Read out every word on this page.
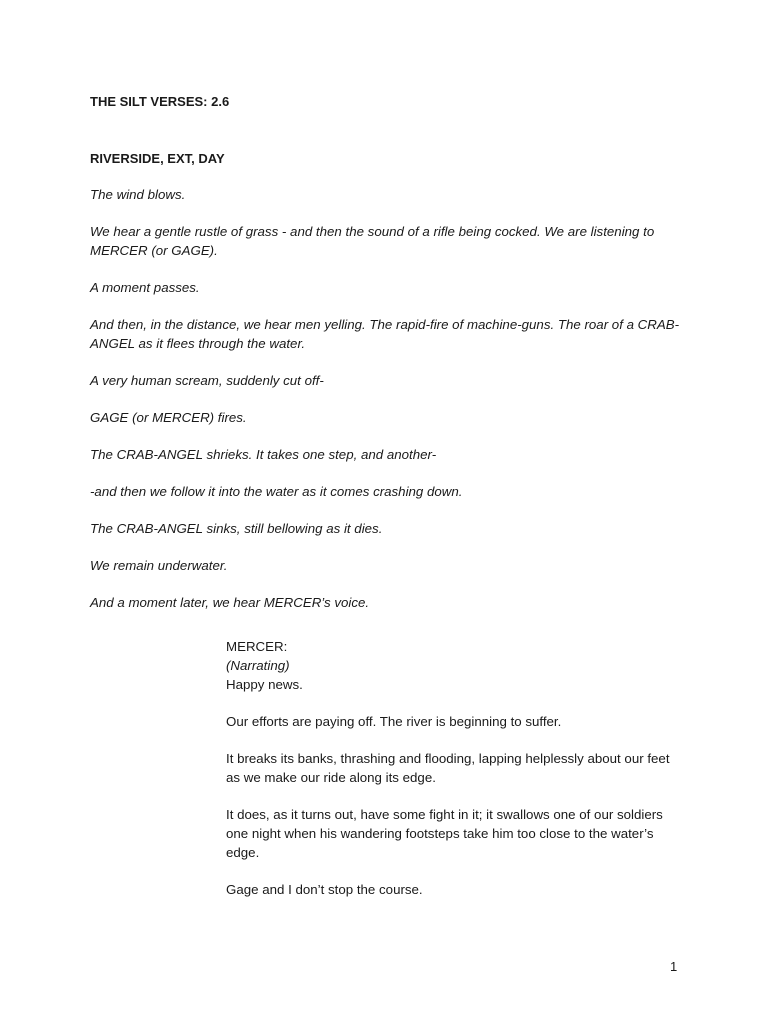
THE SILT VERSES: 2.6

RIVERSIDE, EXT, DAY

The wind blows.

We hear a gentle rustle of grass - and then the sound of a rifle being cocked. We are listening to MERCER (or GAGE).

A moment passes.

And then, in the distance, we hear men yelling. The rapid-fire of machine-guns. The roar of a CRAB-ANGEL as it flees through the water.

A very human scream, suddenly cut off-

GAGE (or MERCER) fires.

The CRAB-ANGEL shrieks. It takes one step, and another-

-and then we follow it into the water as it comes crashing down.

The CRAB-ANGEL sinks, still bellowing as it dies.

We remain underwater.

And a moment later, we hear MERCER’s voice.

MERCER:

(Narrating)

Happy news.

Our efforts are paying off. The river is beginning to suffer.

It breaks its banks, thrashing and flooding, lapping helplessly about our feet as we make our ride along its edge.

It does, as it turns out, have some fight in it; it swallows one of our soldiers one night when his wandering footsteps take him too close to the water’s edge.

Gage and I don’t stop the course.

1
